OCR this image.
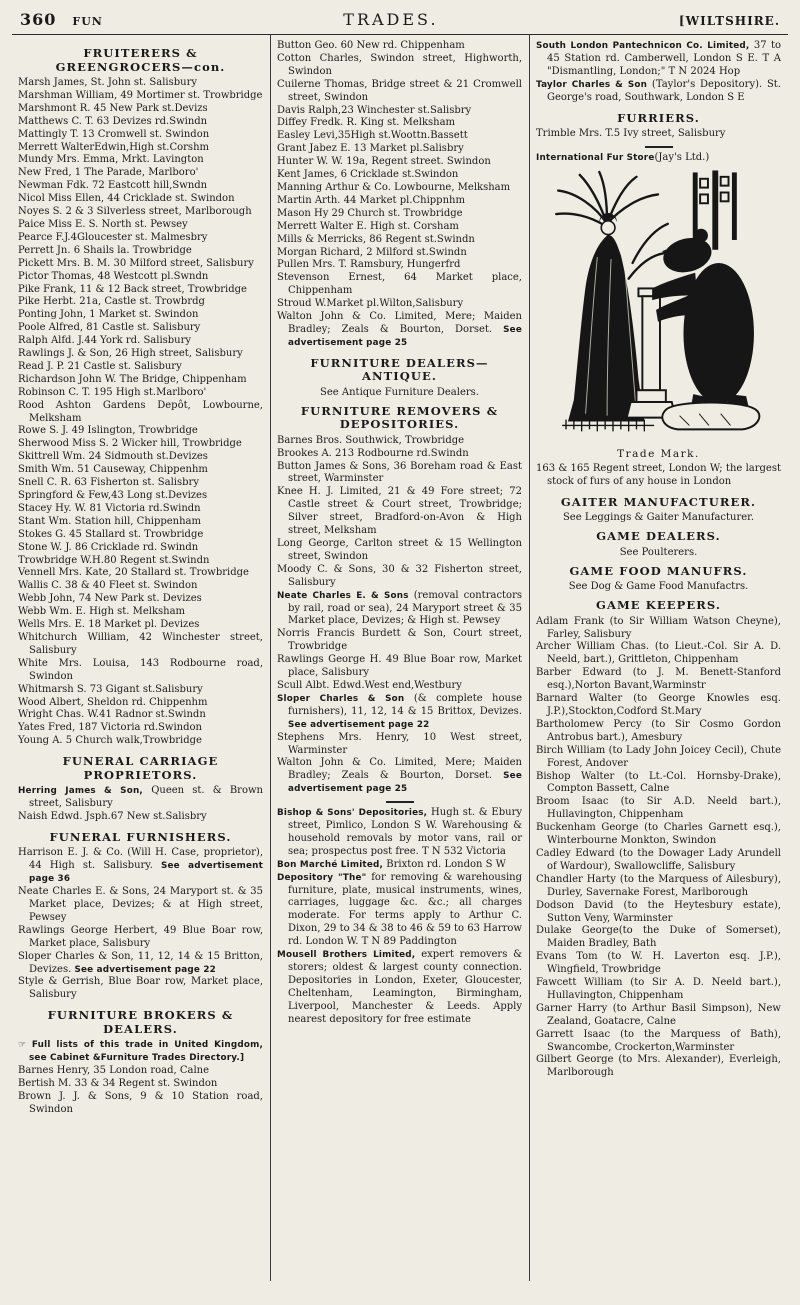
360 FUN	TRADES.	[WILTSHIRE.
FRUITERERS & GREENGROCERS—con.

Marsh James, St. John st. Salisbury

Marshman William, 49 Mortimer st. Trowbridge

Marshmont R. 45 New Park st.Devizs

Matthews C. T. 63 Devizes rd.Swindn

Mattingly T. 13 Cromwell st. Swindon

Merrett WalterEdwin,High st.Corshm

Mundy Mrs. Emma, Mrkt. Lavington

New Fred, 1 The Parade, Marlboro'

Newman Fdk. 72 Eastcott hill,Swndn

Nicol Miss Ellen, 44 Cricklade st. Swindon

Noyes S. 2 & 3 Silverless street, Marlborough

Paice Miss E. S. North st. Pewsey

Pearce F.J.4Gloucester st. Malmesbry

Perrett Jn. 6 Shails la. Trowbridge

Pickett Mrs. B. M. 30 Milford street, Salisbury

Pictor Thomas, 48 Westcott pl.Swndn

Pike Frank, 11 & 12 Back street, Trowbridge

Pike Herbt. 21a, Castle st. Trowbrdg

Ponting John, 1 Market st. Swindon

Poole Alfred, 81 Castle st. Salisbury

Ralph Alfd. J.44 York rd. Salisbury

Rawlings J. & Son, 26 High street, Salisbury

Read J. P. 21 Castle st. Salisbury

Richardson John W. The Bridge, Chippenham

Robinson C. T. 195 High st.Marlboro'

Rood Ashton Gardens Depôt, Lowbourne, Melksham

Rowe S. J. 49 Islington, Trowbridge

Sherwood Miss S. 2 Wicker hill, Trowbridge

Skittrell Wm. 24 Sidmouth st.Devizes

Smith Wm. 51 Causeway, Chippenhm

Snell C. R. 63 Fisherton st. Salisbry

Springford & Few,43 Long st.Devizes

Stacey Hy. W. 81 Victoria rd.Swindn

Stant Wm. Station hill, Chippenham

Stokes G. 45 Stallard st. Trowbridge

Stone W. J. 86 Cricklade rd. Swindn

Trowbridge W.H.80 Regent st.Swindn

Vennell Mrs. Kate, 20 Stallard st. Trowbridge

Wallis C. 38 & 40 Fleet st. Swindon

Webb John, 74 New Park st. Devizes

Webb Wm. E. High st. Melksham

Wells Mrs. E. 18 Market pl. Devizes

Whitchurch William, 42 Winchester street, Salisbury

White Mrs. Louisa, 143 Rodbourne road, Swindon

Whitmarsh S. 73 Gigant st.Salisbury

Wood Albert, Sheldon rd. Chippenhm

Wright Chas. W.41 Radnor st.Swindn

Yates Fred, 187 Victoria rd.Swindon

Young A. 5 Church walk,Trowbridge

FUNERAL CARRIAGE PROPRIETORS.

Herring James & Son, Queen st. & Brown street, Salisbury

Naish Edwd. Jsph.67 New st.Salisbry

FUNERAL FURNISHERS.

Harrison E. J. & Co. (Will H. Case, proprietor), 44 High st. Salisbury. See advertisement page 36

Neate Charles E. & Sons, 24 Maryport st. & 35 Market place, Devizes; & at High street, Pewsey

Rawlings George Herbert, 49 Blue Boar row, Market place, Salisbury

Sloper Charles & Son, 11, 12, 14 & 15 Britton, Devizes. See advertisement page 22

Style & Gerrish, Blue Boar row, Market place, Salisbury

FURNITURE BROKERS & DEALERS.

☞ Full lists of this trade in United Kingdom, see Cabinet &Furniture Trades Directory.]

Barnes Henry, 35 London road, Calne

Bertish M. 33 & 34 Regent st. Swindon

Brown J. J. & Sons, 9 & 10 Station road, Swindon

Button Geo. 60 New rd. Chippenham

Cotton Charles, Swindon street, Highworth, Swindon

Cuilerne Thomas, Bridge street & 21 Cromwell street, Swindon

Davis Ralph,23 Winchester st.Salisbry

Diffey Fredk. R. King st. Melksham

Easley Levi,35High st.Woottn.Bassett

Grant Jabez E. 13 Market pl.Salisbry

Hunter W. W. 19a, Regent street. Swindon

Kent James, 6 Cricklade st.Swindon

Manning Arthur & Co. Lowbourne, Melksham

Martin Arth. 44 Market pl.Chippnhm

Mason Hy 29 Church st. Trowbridge

Merrett Walter E. High st. Corsham

Mills & Merricks, 86 Regent st.Swindn

Morgan Richard, 2 Milford st.Swindn

Pullen Mrs. T. Ramsbury, Hungerfrd

Stevenson Ernest, 64 Market place, Chippenham

Stroud W.Market pl.Wilton,Salisbury

Walton John & Co. Limited, Mere; Maiden Bradley; Zeals & Bourton, Dorset. See advertisement page 25

FURNITURE DEALERS— ANTIQUE.
See Antique Furniture Dealers.
FURNITURE REMOVERS & DEPOSITORIES.

Barnes Bros. Southwick, Trowbridge

Brookes A. 213 Rodbourne rd.Swindn

Button James & Sons, 36 Boreham road & East street, Warminster

Knee H. J. Limited, 21 & 49 Fore street; 72 Castle street & Court street, Trowbridge; Silver street, Bradford-on-Avon & High street, Melksham

Long George, Carlton street & 15 Wellington street, Swindon

Moody C. & Sons, 30 & 32 Fisherton street, Salisbury

Neate Charles E. & Sons (removal contractors by rail, road or sea), 24 Maryport street & 35 Market place, Devizes; & High st. Pewsey

Norris Francis Burdett & Son, Court street, Trowbridge

Rawlings George H. 49 Blue Boar row, Market place, Salisbury

Scull Albt. Edwd.West end,Westbury

Sloper Charles & Son (& complete house furnishers), 11, 12, 14 & 15 Brittox, Devizes. See advertisement page 22

Stephens Mrs. Henry, 10 West street, Warminster

Walton John & Co. Limited, Mere; Maiden Bradley; Zeals & Bourton, Dorset. See advertisement page 25

Bishop & Sons' Depositories, Hugh st. & Ebury street, Pimlico, London S W. Warehousing & household removals by motor vans, rail or sea; prospectus post free. T N 532 Victoria

Bon Marché Limited, Brixton rd. London S W

Depository "The" for removing & warehousing furniture, plate, musical instruments, wines, carriages, luggage &c. &c.; all charges moderate. For terms apply to Arthur C. Dixon, 29 to 34 & 38 to 46 & 59 to 63 Harrow rd. London W. T N 89 Paddington

Mousell Brothers Limited, expert removers & storers; oldest & largest county connection. Depositories in London, Exeter, Gloucester, Cheltenham, Leamington, Birmingham, Liverpool, Manchester & Leeds. Apply nearest depository for free estimate

South London Pantechnicon Co. Limited, 37 to 45 Station rd. Camberwell, London S E. T A "Dismantling, London;" T N 2024 Hop

Taylor Charles & Son (Taylor's Depository). St. George's road, Southwark, London S E

FURRIERS.

Trimble Mrs. T.5 Ivy street, Salisbury

International Fur Store(Jay's Ltd.)

Trade Mark.

163 & 165 Regent street, London W; the largest stock of furs of any house in London

GAITER MANUFACTURER.
See Leggings & Gaiter Manufacturer.
GAME DEALERS.
See Poulterers.
GAME FOOD MANUFRS.
See Dog & Game Food Manufactrs.
GAME KEEPERS.

Adlam Frank (to Sir William Watson Cheyne), Farley, Salisbury

Archer William Chas. (to Lieut.-Col. Sir A. D. Neeld, bart.), Grittleton, Chippenham

Barber Edward (to J. M. Benett-Stanford esq.),Norton Bavant,Warminstr

Barnard Walter (to George Knowles esq. J.P.),Stockton,Codford St.Mary

Bartholomew Percy (to Sir Cosmo Gordon Antrobus bart.), Amesbury

Birch William (to Lady John Joicey Cecil), Chute Forest, Andover

Bishop Walter (to Lt.-Col. Hornsby-Drake), Compton Bassett, Calne

Broom Isaac (to Sir A.D. Neeld bart.), Hullavington, Chippenham

Buckenham George (to Charles Garnett esq.), Winterbourne Monkton, Swindon

Cadley Edward (to the Dowager Lady Arundell of Wardour), Swallowcliffe, Salisbury

Chandler Harty (to the Marquess of Ailesbury), Durley, Savernake Forest, Marlborough

Dodson David (to the Heytesbury estate), Sutton Veny, Warminster

Dulake George(to the Duke of Somerset), Maiden Bradley, Bath

Evans Tom (to W. H. Laverton esq. J.P.), Wingfield, Trowbridge

Fawcett William (to Sir A. D. Neeld bart.), Hullavington, Chippenham

Garner Harry (to Arthur Basil Simpson), New Zealand, Goatacre, Calne

Garrett Isaac (to the Marquess of Bath), Swancombe, Crockerton,Warminster

Gilbert George (to Mrs. Alexander), Everleigh, Marlborough
